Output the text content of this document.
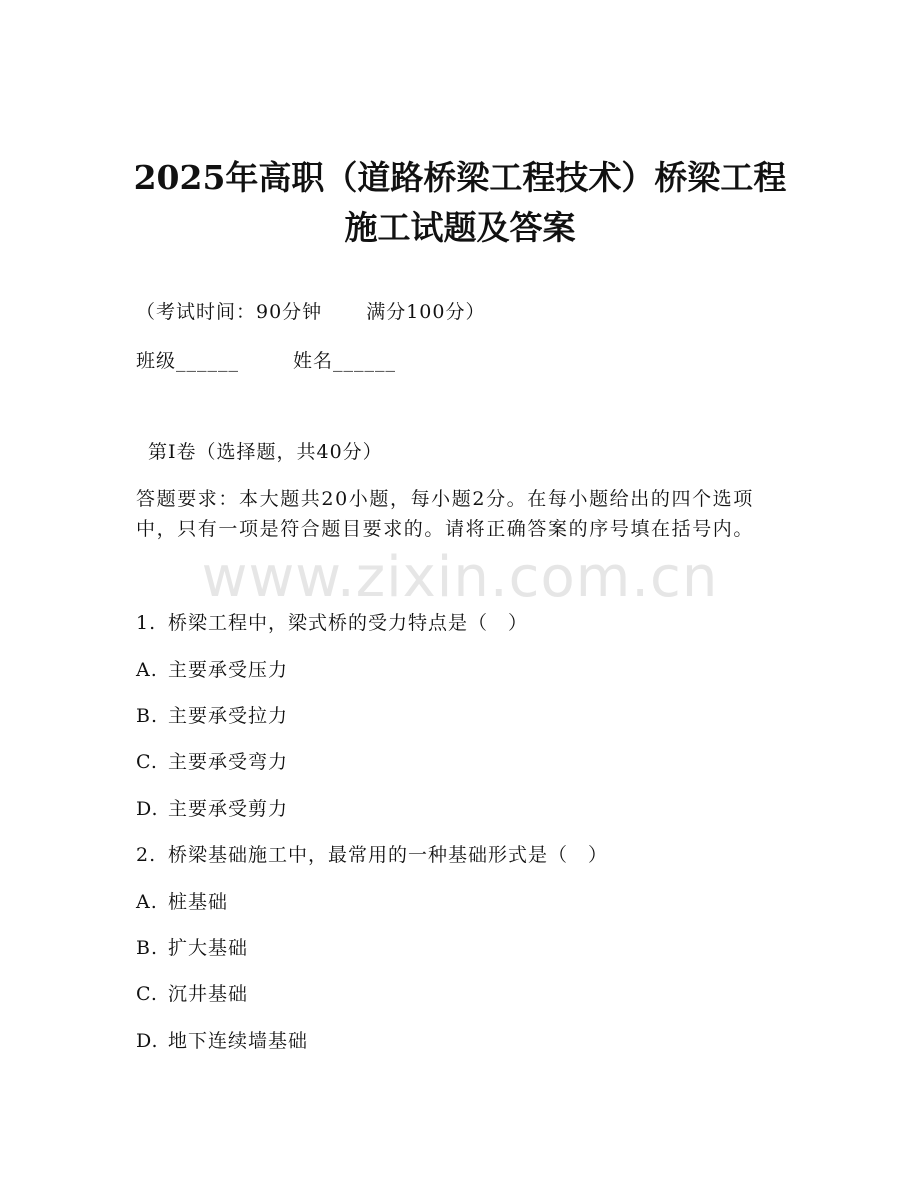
2025年高职（道路桥梁工程技术）桥梁工程
施工试题及答案
（考试时间：90分钟 满分100分）
班级______	姓名______
第I卷（选择题，共40分）
答题要求：本大题共20小题，每小题2分。在每小题给出的四个选项中，只有一项是符合题目要求的。请将正确答案的序号填在括号内。
www.zixin.com.cn
1. 桥梁工程中，梁式桥的受力特点是（　）
A. 主要承受压力
B. 主要承受拉力
C. 主要承受弯力
D. 主要承受剪力
2. 桥梁基础施工中，最常用的一种基础形式是（　）
A. 桩基础
B. 扩大基础
C. 沉井基础
D. 地下连续墙基础
